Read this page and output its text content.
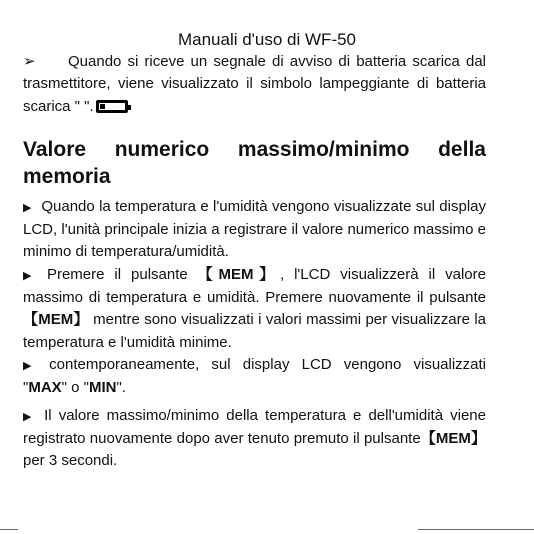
Manuali d'uso di WF-50

➢ Quando si riceve un segnale di avviso di batteria scarica dal trasmettitore, viene visualizzato il simbolo lampeggiante di batteria scarica " ".

Valore numerico massimo/minimo della
memoria

▶ Quando la temperatura e l'umidità vengono visualizzate sul display LCD, l'unità principale inizia a registrare il valore numerico massimo e minimo di temperatura/umidità.

▶ Premere il pulsante 【MEM】, l'LCD visualizzerà il valore massimo di temperatura e umidità. Premere nuovamente il pulsante 【MEM】 mentre sono visualizzati i valori massimi per visualizzare la temperatura e l'umidità minime.

▶ contemporaneamente, sul display LCD vengono visualizzati "MAX" o "MIN".

▶ Il valore massimo/minimo della temperatura e dell'umidità viene registrato nuovamente dopo aver tenuto premuto il pulsante【MEM】 per 3 secondi.
